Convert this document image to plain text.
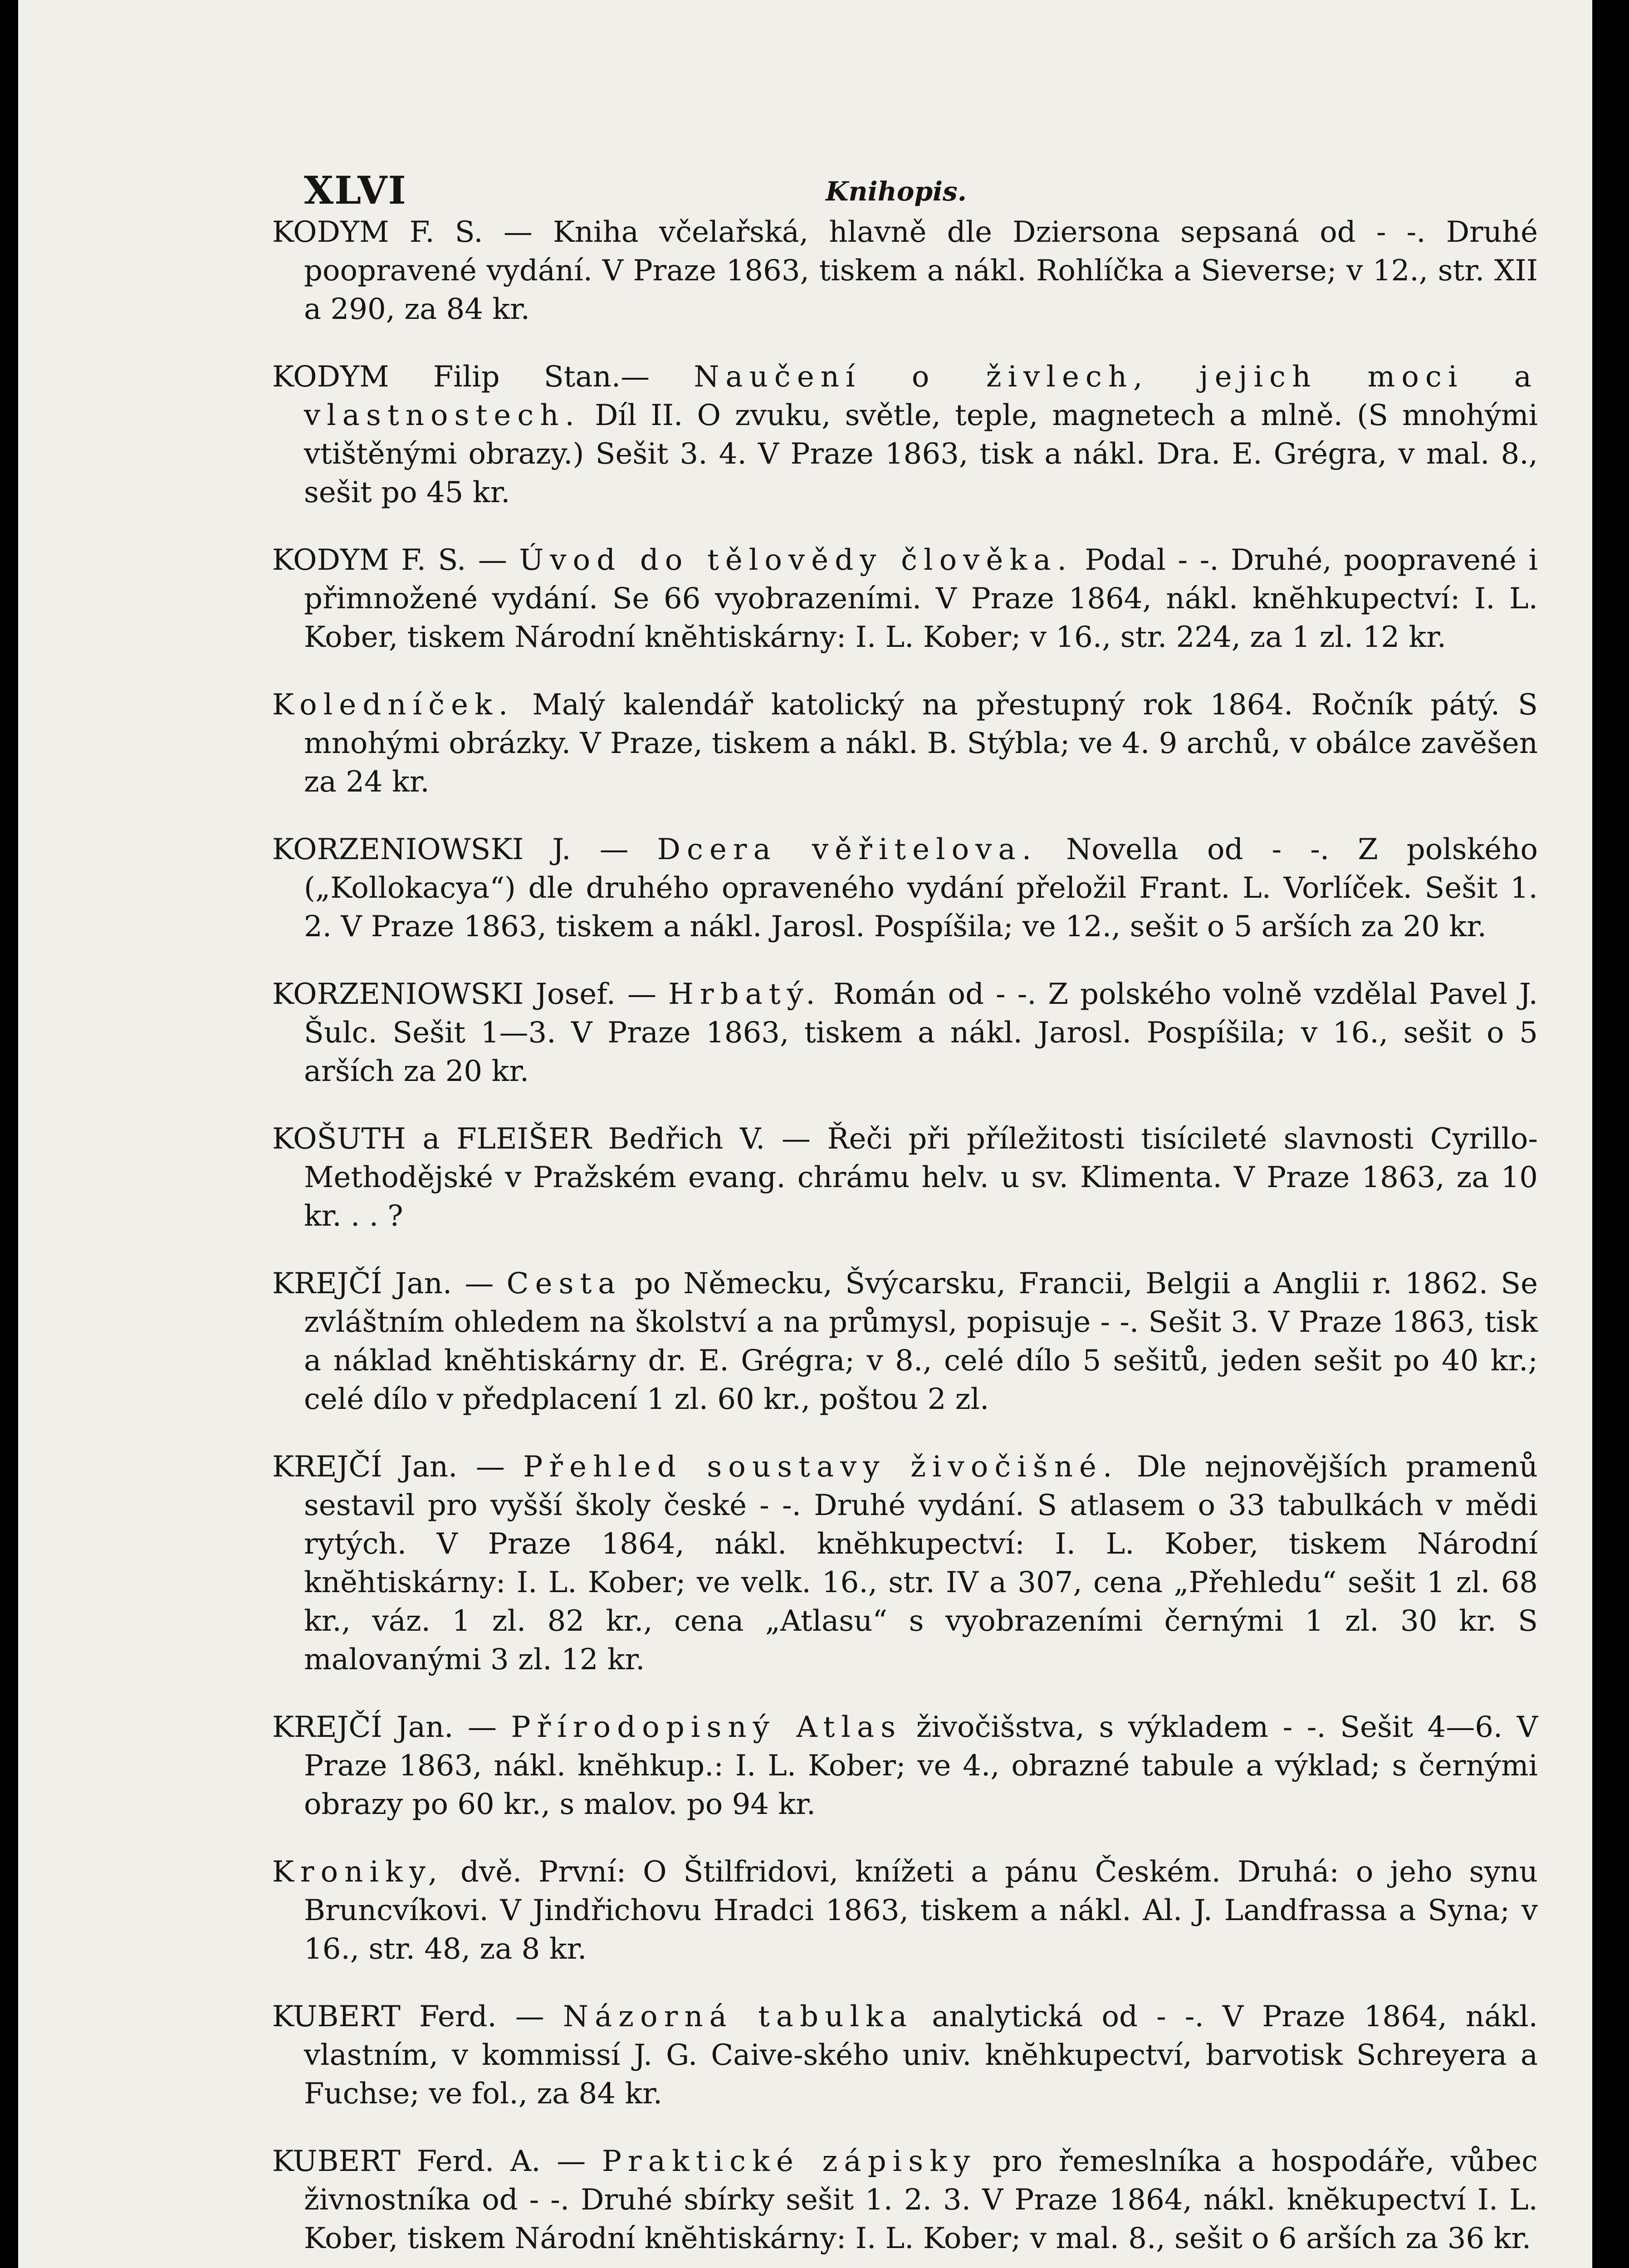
XLVI	Knihopis.

KODYM F. S. — Kniha včelařská, hlavně dle Dziersona sepsaná od - -. Druhé poopravené vydání. V Praze 1863, tiskem a nákl. Rohlíčka a Sieverse; v 12., str. XII a 290, za 84 kr.

KODYM Filip Stan.— Naučení o živlech, jejich moci a vlastnostech. Díl II. O zvuku, světle, teple, magnetech a mlně. (S mnohými vtištěnými obrazy.) Sešit 3. 4. V Praze 1863, tisk a nákl. Dra. E. Grégra, v mal. 8., sešit po 45 kr.

KODYM F. S. — Úvod do tělovědy člověka. Podal - -. Druhé, poopravené i přimnožené vydání. Se 66 vyobrazeními. V Praze 1864, nákl. knĕhkupectví: I. L. Kober, tiskem Národní knĕhtiskárny: I. L. Kober; v 16., str. 224, za 1 zl. 12 kr.

Koledníček. Malý kalendář katolický na přestupný rok 1864. Ročník pátý. S mnohými obrázky. V Praze, tiskem a nákl. B. Stýbla; ve 4. 9 archů, v obálce zavĕšen za 24 kr.

KORZENIOWSKI J. — Dcera věřitelova. Novella od - -. Z polského („Kollokacya“) dle druhého opraveného vydání přeložil Frant. L. Vorlíček. Sešit 1. 2. V Praze 1863, tiskem a nákl. Jarosl. Pospíšila; ve 12., sešit o 5 arších za 20 kr.

KORZENIOWSKI Josef. — Hrbatý. Román od - -. Z polského volně vzdělal Pavel J. Šulc. Sešit 1—3. V Praze 1863, tiskem a nákl. Jarosl. Pospíšila; v 16., sešit o 5 arších za 20 kr.

KOŠUTH a FLEIŠER Bedřich V. — Řeči při příležitosti tisícileté slavnosti Cyrillo-Methodějské v Pražském evang. chrámu helv. u sv. Klimenta. V Praze 1863, za 10 kr. . . ?

KREJČÍ Jan. — Cesta po Německu, Švýcarsku, Francii, Belgii a Anglii r. 1862. Se zvláštním ohledem na školství a na průmysl, popisuje - -. Sešit 3. V Praze 1863, tisk a náklad knĕhtiskárny dr. E. Grégra; v 8., celé dílo 5 sešitů, jeden sešit po 40 kr.; celé dílo v předplacení 1 zl. 60 kr., poštou 2 zl.

KREJČÍ Jan. — Přehled soustavy živočišné. Dle nejnovějších pramenů sestavil pro vyšší školy české - -. Druhé vydání. S atlasem o 33 tabulkách v mědi rytých. V Praze 1864, nákl. knĕhkupectví: I. L. Kober, tiskem Národní knĕhtiskárny: I. L. Kober; ve velk. 16., str. IV a 307, cena „Přehledu“ sešit 1 zl. 68 kr., váz. 1 zl. 82 kr., cena „Atlasu“ s vyobrazeními černými 1 zl. 30 kr. S malovanými 3 zl. 12 kr.

KREJČÍ Jan. — Přírodopisný Atlas živočišstva, s výkladem - -. Sešit 4—6. V Praze 1863, nákl. knĕhkup.: I. L. Kober; ve 4., obrazné tabule a výklad; s černými obrazy po 60 kr., s malov. po 94 kr.

Kroniky, dvě. První: O Štilfridovi, knížeti a pánu Českém. Druhá: o jeho synu Bruncvíkovi. V Jindřichovu Hradci 1863, tiskem a nákl. Al. J. Landfrassa a Syna; v 16., str. 48, za 8 kr.

KUBERT Ferd. — Názorná tabulka analytická od - -. V Praze 1864, nákl. vlastním, v kommissí J. G. Caive-ského univ. knĕhkupectví, barvotisk Schreyera a Fuchse; ve fol., za 84 kr.

KUBERT Ferd. A. — Praktické zápisky pro řemeslníka a hospodáře, vůbec živnostníka od - -. Druhé sbírky sešit 1. 2. 3. V Praze 1864, nákl. knĕkupectví I. L. Kober, tiskem Národní knĕhtiskárny: I. L. Kober; v mal. 8., sešit o 6 arších za 36 kr.
